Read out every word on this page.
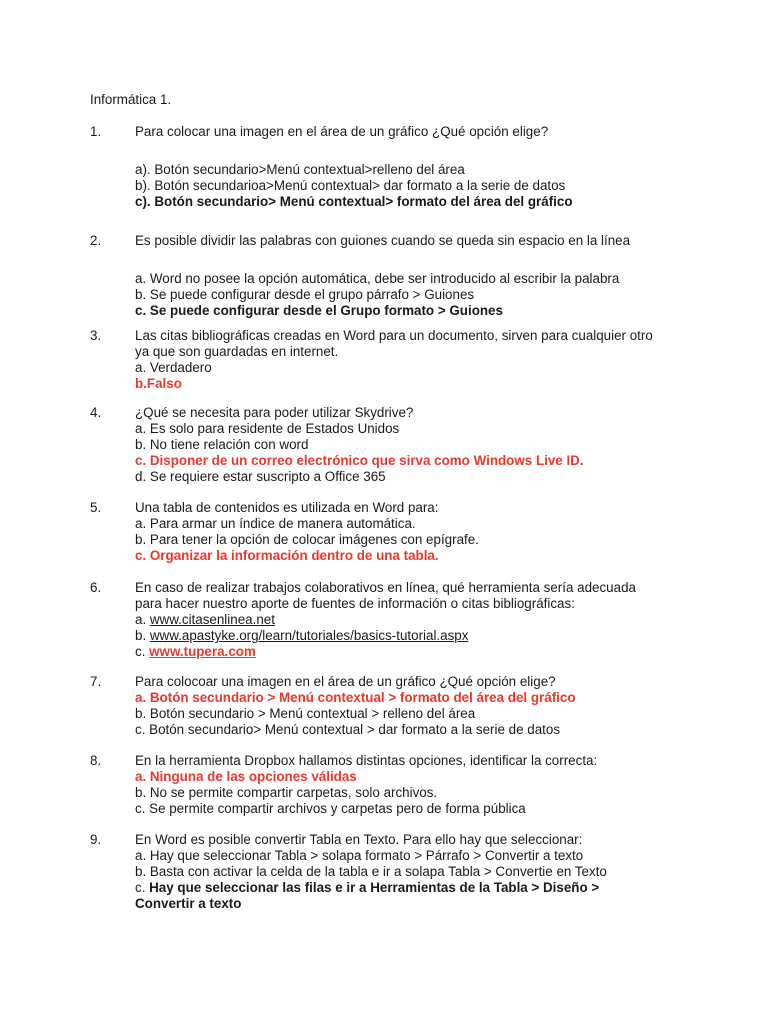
Informática 1.
1.	Para colocar una imagen en el área de un gráfico ¿Qué opción elige?
a). Botón secundario>Menú contextual>relleno del área
b). Botón secundarioa>Menú contextual> dar formato a la serie de datos
c). Botón secundario> Menú contextual> formato del área del gráfico
2.	Es posible dividir las palabras con guiones cuando se queda sin espacio en la línea
a. Word no posee la opción automática, debe ser introducido al escribir la palabra
b. Se puede configurar desde el grupo párrafo > Guiones
c. Se puede configurar desde el Grupo formato > Guiones
3.	Las citas bibliográficas creadas en Word para un documento, sirven para cualquier otro
ya que son guardadas en internet.
a. Verdadero
b.Falso
4.	¿Qué se necesita para poder utilizar Skydrive?
a. Es solo para residente de Estados Unidos
b. No tiene relación con word
c. Disponer de un correo electrónico que sirva como Windows Live ID.
d. Se requiere estar suscripto a Office 365
5.	Una tabla de contenidos es utilizada en Word para:
a. Para armar un índice de manera automática.
b. Para tener la opción de colocar imágenes con epígrafe.
c. Organizar la información dentro de una tabla.
6.	En caso de realizar trabajos colaborativos en línea, qué herramienta sería adecuada
para hacer nuestro aporte de fuentes de información o citas bibliográficas:
a. www.citasenlinea.net
b. www.apastyke.org/learn/tutoriales/basics-tutorial.aspx
c. www.tupera.com
7.	Para colocoar una imagen en el área de un gráfico ¿Qué opción elige?
a. Botón secundario > Menú contextual > formato del área del gráfico
b. Botón secundario > Menú contextual > relleno del área
c. Botón secundario> Menú contextual > dar formato a la serie de datos
8.	En la herramienta Dropbox hallamos distintas opciones, identificar la correcta:
a. Ninguna de las opciones válidas
b. No se permite compartir carpetas, solo archivos.
c. Se permite compartir archivos y carpetas pero de forma pública
9.	En Word es posible convertir Tabla en Texto. Para ello hay que seleccionar:
a. Hay que seleccionar Tabla > solapa formato > Párrafo > Convertir a texto
b. Basta con activar la celda de la tabla e ir a solapa Tabla > Convertie en Texto
c. Hay que seleccionar las filas e ir a Herramientas de la Tabla > Diseño >
Convertir a texto
